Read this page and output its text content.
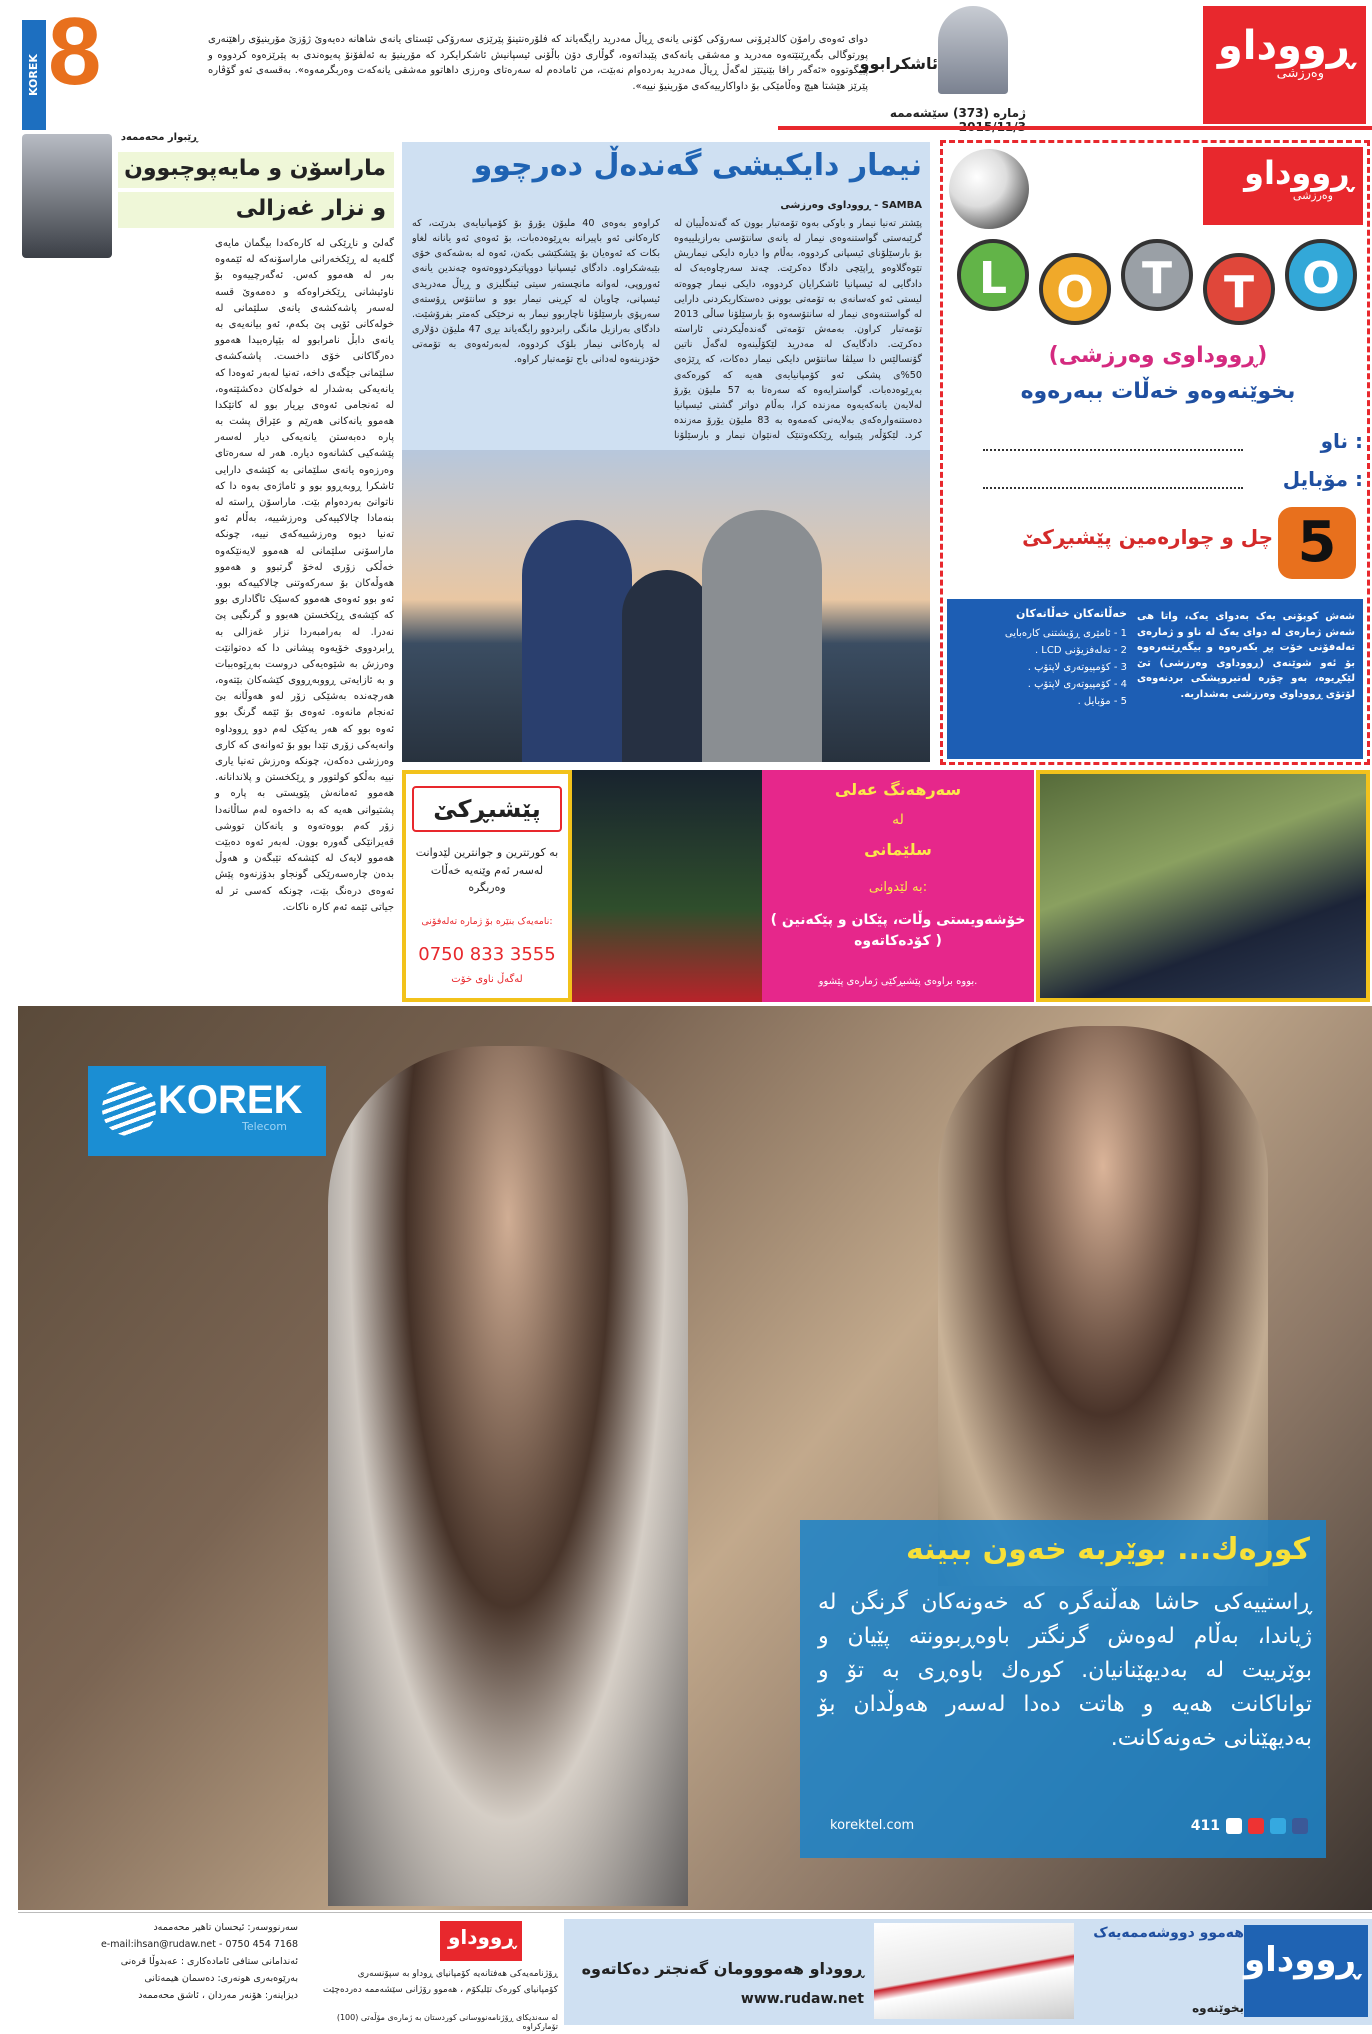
KOREK 8	دوای ئەوەی رامۆن کالدێرۆنی سەرۆکی کۆنی یانەی ڕیاڵ مەدرید رایگەیاند کە فلۆرەنتینۆ پێرێزی سەرۆکی ئێستای یانەی شاهانە دەیەوێ ژۆزێ مۆرینیۆی راهێنەری پورتوگالی بگەڕێنێتەوە مەدرید و مەشقی یانەکەی پێبداتەوە، گوڵاری دۆن باڵۆنی ئیسپانیش ئاشکرایکرد کە مۆرینیۆ بە ئەلفۆنۆ پەیوەندی بە پێرێزەوە کردووە و پێیگوتووە «ئەگەر رافا بێنیتێز لەگەڵ ڕیاڵ مەدرید بەردەوام نەبێت، من ئامادەم لە سەرەتای وەرزی داهاتوو مەشقی یانەکەت وەربگرمەوە». بەقسەی ئەو گۆڤارە پێرێز هێشتا هیچ وەڵامێکی بۆ داواکارییەکەی مۆرینیۆ نییە».
ئاشكرابوو
ژمارە (373) سێشەممە
ڕووداو
وەرزشی
ڕێبوار محەممەد
ماراسۆن و مایەپوچبوون
و نزار غەزالی
گەلێ و ناڕێکی لە کارەکەدا بیگمان مایەی گلەیە لە ڕێکخەرانی ماراسۆنەکە لە ئێمەوە بەر لە هەموو کەس. ئەگەرچییەوە بۆ ناوئیشانی ڕێکخراوەکە و دەمەوێ قسە لەسەر پاشەکشەی یانەی سلێمانی لە خولەکانی ئۆپی پێ بکەم، ئەو بیانەیەی بە یانەی دابڵ نامرابوو لە بێپارەییدا هەموو دەرگاکانی خۆی داخست. پاشەکشەی سلێمانی جێگەی داخە، تەنیا لەبەر ئەوەدا کە یانەیەکی بەشدار لە خولەکان دەکشێتەوە، لە ئەنجامی ئەوەی بڕیار بوو لە کاتێکدا هەموو یانەکانی هەرێم و عێراق پشت بە پارە دەبەستن یانەیەکی دیار لەسەر پێشەکیی کشانەوە دیارە. هەر لە سەرەتای وەرزەوە یانەی سلێمانی بە کێشەی دارایی ئاشکرا ڕوبەڕوو بوو و ئاماژەی بەوە دا کە ناتوانێ بەردەوام بێت. ماراسۆن ڕاستە لە بنەمادا چالاکییەکی وەرزشییە، بەڵام ئەو تەنیا دیوە وەرزشییەکەی نییە، چونکە ماراسۆنی سلێمانی لە هەموو لایەنێکەوە خەڵکی زۆری لەخۆ گرتبوو و هەموو هەوڵەکان بۆ سەرکەوتنی چالاکییەکە بوو. ئەو بوو ئەوەی هەموو کەسێک ئاگاداری بوو کە کێشەی ڕێکخستن هەبوو و گرنگیی پێ نەدرا. لە بەرامبەردا نزار غەزالی بە ڕابردووی خۆیەوە پیشانی دا کە دەتوانێت وەرزش بە شێوەیەکی دروست بەڕێوەببات و بە ئازایەتی ڕووبەڕووی کێشەکان بێتەوە، هەرچەندە بەشێکی زۆر لەو هەوڵانە بێ ئەنجام مانەوە. ئەوەی بۆ ئێمە گرنگ بوو ئەوە بوو کە هەر یەکێک لەم دوو ڕووداوە وانەیەکی زۆری تێدا بوو بۆ ئەوانەی کە کاری وەرزشی دەکەن، چونکە وەرزش تەنیا یاری نییە بەڵکو کولتوور و ڕێکخستن و پلاندانانە. هەموو ئەمانەش پێویستی بە پارە و پشتیوانی هەیە کە بە داخەوە لەم ساڵانەدا زۆر کەم بووەتەوە و یانەکان تووشی قەیرانێکی گەورە بوون. لەبەر ئەوە دەبێت هەموو لایەک لە کێشەکە تێبگەن و هەوڵ بدەن چارەسەرێکی گونجاو بدۆزنەوە پێش ئەوەی درەنگ بێت، چونکە کەسی تر لە جیاتی ئێمە ئەم کارە ناکات.
نیمار دایکیشی گەندەڵ دەرچوو
ڕووداوی وەرزشی - SAMBA
پێشتر تەنیا نیمار و باوکی بەوە تۆمەتبار بوون کە گەندەڵییان لە گرێبەستی گواستنەوەی نیمار لە یانەی سانتۆسی بەرازیلییەوە بۆ بارسێلۆنای ئیسپانی کردووە، بەڵام وا دیارە دایکی نیماریش تێوەگلاوەو ڕاپێچی دادگا دەکرێت. چەند سەرچاوەیەک لە دادگایی لە ئیسپانیا ئاشکرایان کردووە، دایکی نیمار چووەتە لیستی ئەو کەسانەی بە تۆمەتی بوونی دەستکاریکردنی دارایی لە گواستنەوەی نیمار لە سانتۆسەوە بۆ بارسێلۆنا ساڵی 2013 تۆمەتبار کراون. بەمەش تۆمەتی گەندەڵیکردنی ئاراستە دەکرێت. دادگایەک لە مەدرید لێکۆڵینەوە لەگەڵ ناتین گۆنسالێس دا سیلڤا سانتۆس دایکی نیمار دەکات، کە ڕێژەی 50%ی پشکی ئەو کۆمپانیایەی هەیە کە کورەکەی بەڕێوەدەبات. گواسترایەوە کە سەرەتا بە 57 ملیۆن یۆرۆ لەلایەن یانەکەیەوە مەزندە کرا، بەڵام دواتر گشتی ئیسپانیا دەستنەوارەکەی بەلایەنی کەمەوە بە 83 ملیۆن یۆرۆ مەزندە کرد. لێکۆڵەر پێیوایە ڕێککەوتنێک لەنێوان نیمار و بارسێلۆنا کراوەو بەوەی 40 ملیۆن یۆرۆ بۆ کۆمپانیایەی بدرێت، کە کارەکانی ئەو باپیرانە بەڕێوەدەبات، بۆ ئەوەی ئەو یانانە لغاو بکات کە ئەوەیان بۆ پێشکێشی بکەن، ئەوە لە بەشەکەی خۆی بێبەشکراوە. دادگای ئیسپانیا دووپاتیکردووەتەوە چەندین یانەی ئەوروپی، لەوانە مانچستەر سیتی ئینگلیزی و ڕیاڵ مەدریدی ئیسپانی، چاویان لە کڕینی نیمار بوو و سانتۆس ڕۆستەی سەرپۆی بارسێلۆنا ناچاربوو نیمار بە نرخێکی کەمتر بفرۆشێت. دادگای بەرازیل مانگی رابردوو رایگەیاند بڕی 47 ملیۆن دۆلاری لە پارەکانی نیمار بلۆک کردووە، لەبەرئەوەی بە تۆمەتی خۆدزینەوە لەدانی باج تۆمەتبار کراوە.
ڕووداو
وەرزشی
L	O	T	T	O
(ڕووداوی وەرزشی)
بخوێنەوەو خەڵات ببەرەوە
ناو :
مۆبایل :
5
چل و چوارەمین پێشبڕکێ
شەش کوپۆنی یەک بەدوای یەک، واتا هی شەش ژمارەی لە دوای یەک لە ناو و ژمارەی تەلەفۆنی خۆت پڕ بکەرەوە و بیگەڕێنەرەوە بۆ ئەو شوێنەی (ڕووداوی وەرزشی) تێ لێکڕیوە، بەو چۆرە لەتیروپشکی بردنەوەی لۆتۆی ڕووداوی وەرزشی بەشداربە.
خەڵاتەکان خەڵاتەکان
1 - ئامێری ڕۆیشتنی کارەبایی
2 - تەلەفزیۆنی LCD .
3 - کۆمپیوتەری لاپتۆپ .
4 - کۆمپیوتەری لاپتۆپ .
5 - مۆبایل .
پێشبڕکێ
بە کورتترین و جوانترین لێدوانت لەسەر ئەم وێنەیە خەڵات وەربگرە
نامەیەک بنێرە بۆ ژمارە تەلەفۆنی:
0750 833 3555
لەگەڵ ناوی خۆت
سەرهەنگ عەلی
لە
سلێمانی
بە لێدوانی:
( خۆشەویستی وڵات، پێکان و پێکەنین کۆدەکاتەوە )
بووە براوەی پێشبڕکێی ژمارەی پێشوو.
KOREK
Telecom
کورەك... بوێربە خەون ببینە
ڕاستییەکی حاشا هەڵنەگرە کە خەونەکان گرنگن لە ژیاندا، بەڵام لەوەش گرنگتر باوەڕبوونتە پێیان و بوێرییت لە بەدیهێنانیان. کورەك باوەڕی بە تۆ و تواناکانت هەیە و هاتت دەدا لەسەر هەوڵدان بۆ بەدیهێنانی خەونەکانت.
korektel.com	411
هەموو دووشەممەیەک
ڕووداو
ڕووداو هەمووومان گەنجتر دەکاتەوە
www.rudaw.net
بخوێنەوە
ڕووداو
ڕۆژنامەیەکی هەفتانەیە کۆمپانیای ڕوداو بە سپۆنسەری
کۆمپانیای کورەک تێلیکۆم ، هەموو رۆژانی سێشەممە دەردەچێت
لە سەندیکای ڕۆژنامەنووسانی کوردستان بە ژمارەی مۆڵەتی (100) تۆمارکراوە
سەرنووسەر: ئیحسان تاهیر محەممەد
e-mail:ihsan@rudaw.net - 0750 454 7168
ئەندامانی ستافی ئامادەکاری : عەبدوڵا قرەنی
بەرێوەبەری هونەری: دەسمان هیمەتانی
دیزاینەر: هۆنەر مەردان ، ئاشق محەممەد
